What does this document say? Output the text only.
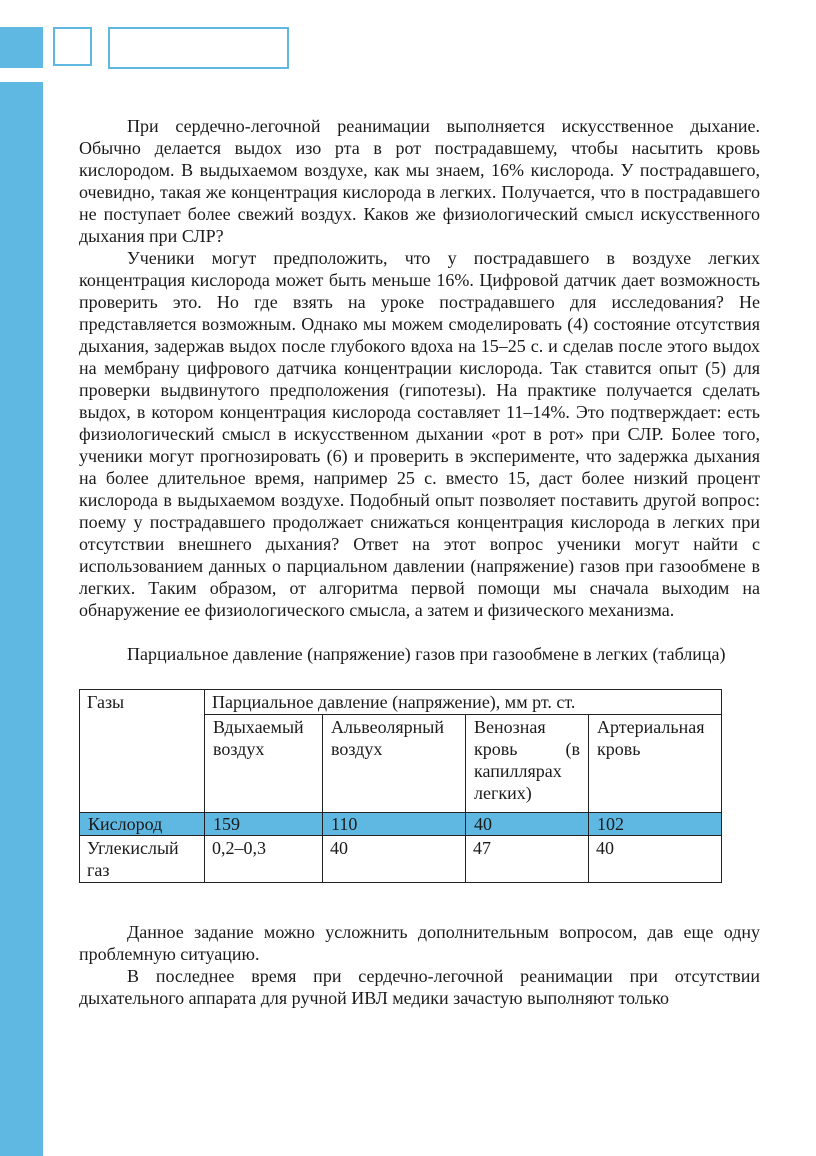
При сердечно-легочной реанимации выполняется искусственное дыхание. Обычно делается выдох изо рта в рот пострадавшему, чтобы насытить кровь кислородом. В выдыхаемом воздухе, как мы знаем, 16% кислорода. У пострадавшего, очевидно, такая же концентрация кислорода в легких. Получается, что в пострадавшего не поступает более свежий воздух. Каков же физиологический смысл искусственного дыхания при СЛР?

Ученики могут предположить, что у пострадавшего в воздухе легких концентрация кислорода может быть меньше 16%. Цифровой датчик дает возможность проверить это. Но где взять на уроке пострадавшего для исследования? Не представляется возможным. Однако мы можем смоделировать (4) состояние отсутствия дыхания, задержав выдох после глубокого вдоха на 15–25 с. и сделав после этого выдох на мембрану цифрового датчика концентрации кислорода. Так ставится опыт (5) для проверки выдвинутого предположения (гипотезы). На практике получается сделать выдох, в котором концентрация кислорода составляет 11–14%. Это подтверждает: есть физиологический смысл в искусственном дыхании «рот в рот» при СЛР. Более того, ученики могут прогнозировать (6) и проверить в эксперименте, что задержка дыхания на более длительное время, например 25 с. вместо 15, даст более низкий процент кислорода в выдыхаемом воздухе. Подобный опыт позволяет поставить другой вопрос: поему у пострадавшего продолжает снижаться концентрация кислорода в легких при отсутствии внешнего дыхания? Ответ на этот вопрос ученики могут найти с использованием данных о парциальном давлении (напряжение) газов при газообмене в легких. Таким образом, от алгоритма первой помощи мы сначала выходим на обнаружение ее физиологического смысла, а затем и физического механизма.

Парциальное давление (напряжение) газов при газообмене в легких (таблица)

Газы	Парциальное давление (напряжение), мм рт. ст.			
	Вдыхаемый воздух	Альвеолярный воздух	Венозная кровь (в капиллярах легких)	Артериальная кровь
Кислород	159	110	40	102
Углекислый газ	0,2–0,3	40	47	40

Данное задание можно усложнить дополнительным вопросом, дав еще одну проблемную ситуацию.

В последнее время при сердечно-легочной реанимации при отсутствии дыхательного аппарата для ручной ИВЛ медики зачастую выполняют только
